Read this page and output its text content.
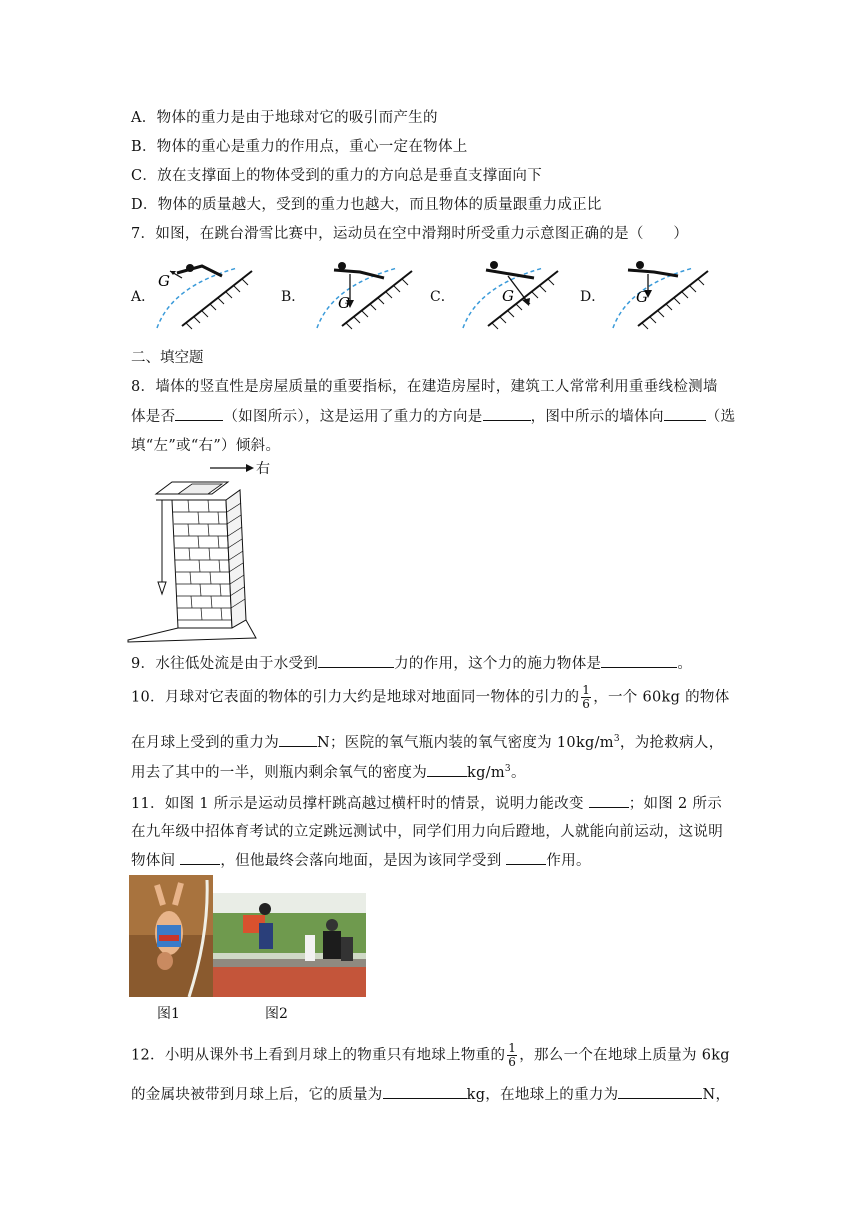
A．物体的重力是由于地球对它的吸引而产生的
B．物体的重心是重力的作用点，重心一定在物体上
C．放在支撑面上的物体受到的重力的方向总是垂直支撑面向下
D．物体的质量越大，受到的重力也越大，而且物体的质量跟重力成正比
7．如图，在跳台滑雪比赛中，运动员在空中滑翔时所受重力示意图正确的是（　　）
A．	B．	C．	D．
G
G	G	G
二、填空题
8．墙体的竖直性是房屋质量的重要指标，在建造房屋时，建筑工人常常利用重垂线检测墙
体是否	（如图所示），这是运用了重力的方向是	，图中所示的墙体向	（选
填“左”或“右”）倾斜。
右
9．水往低处流是由于水受到	力的作用，这个力的施力物体是	。
10．月球对它表面的物体的引力大约是地球对地面同一物体的引力的 $\frac{1}{6}$ ，一个 60kg 的物体
在月球上受到的重力为	N；医院的氧气瓶内装的氧气密度为 $10kg/m^3$，为抢救病人，
用去了其中的一半，则瓶内剩余氧气的密度为	$kg/m^3$。
11．如图 1 所示是运动员撑杆跳高越过横杆时的情景，说明力能改变	；如图 2 所示
在九年级中招体育考试的立定跳远测试中，同学们用力向后蹬地，人就能向前运动，这说明
物体间	，但他最终会落向地面，是因为该同学受到	作用。
图1	图2
12．小明从课外书上看到月球上的物重只有地球上物重的 $\frac{1}{6}$ ，那么一个在地球上质量为 6kg
的金属块被带到月球上后，它的质量为	kg，在地球上的重力为	N，
